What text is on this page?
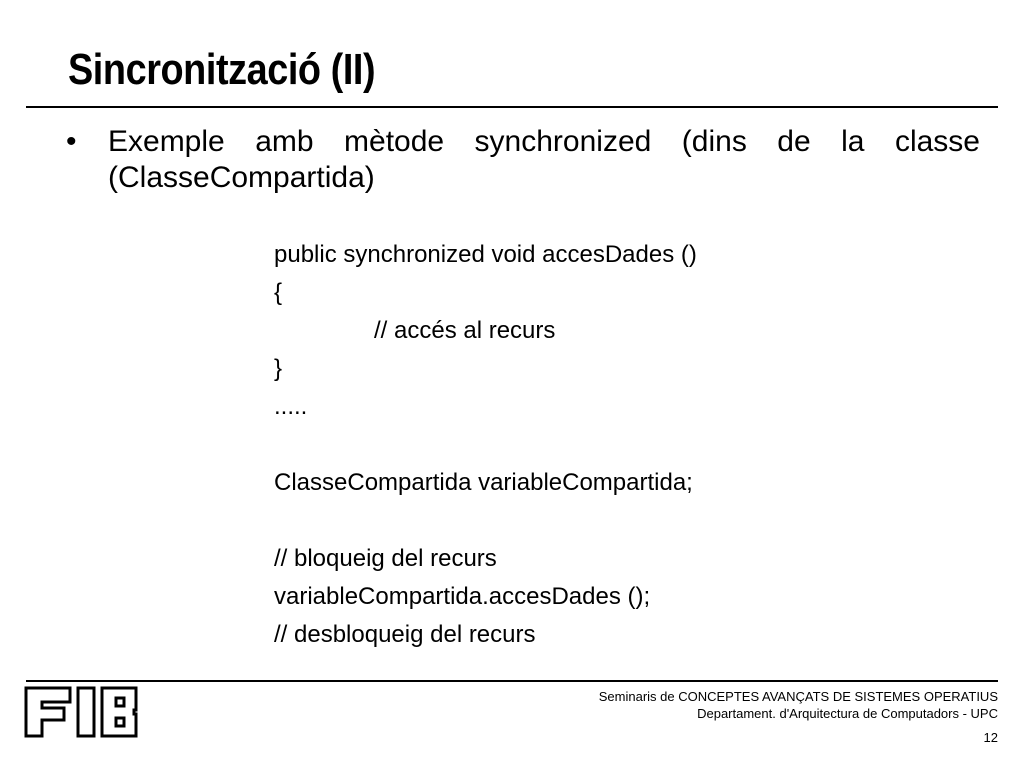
Sincronització (II)
• Exemple amb mètode synchronized (dins de la classe (ClasseCompartida)
public synchronized void accesDades ()
{
// accés al recurs
}
.....
ClasseCompartida variableCompartida;
// bloqueig del recurs
variableCompartida.accesDades ();
// desbloqueig del recurs
Seminaris de CONCEPTES AVANÇATS DE SISTEMES OPERATIUS
Departament. d'Arquitectura de Computadors - UPC
12
